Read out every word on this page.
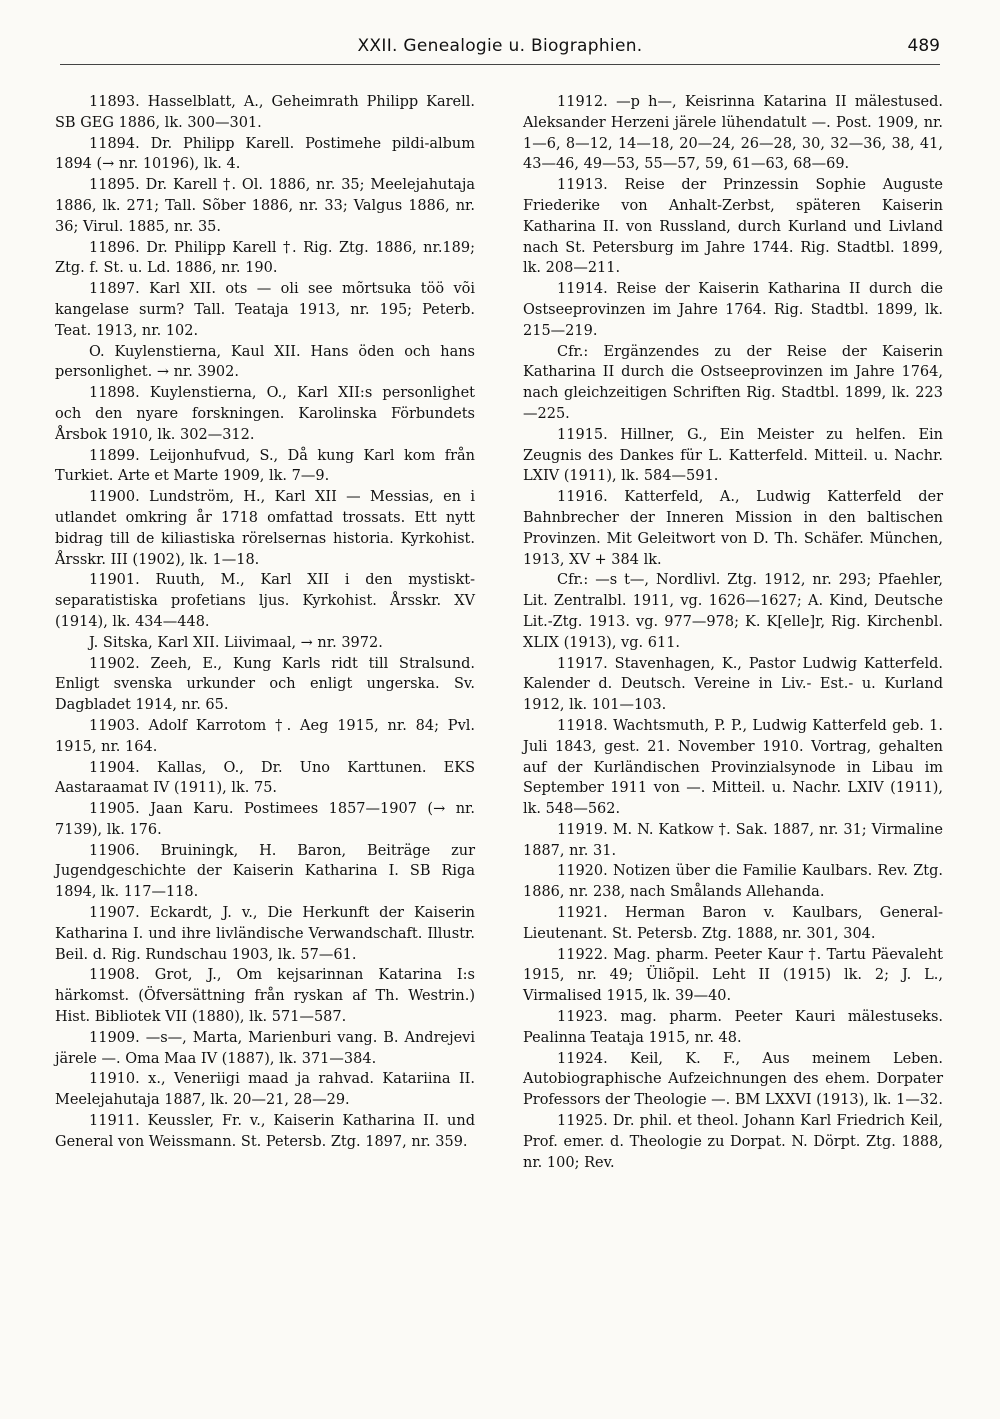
XXII. Genealogie u. Biographien.	489

11893. Hasselblatt, A., Geheimrath Philipp Karell. SB GEG 1886, lk. 300—301.

11894. Dr. Philipp Karell. Postimehe pildi-album 1894 (→ nr. 10196), lk. 4.

11895. Dr. Karell †. Ol. 1886, nr. 35; Meelejahutaja 1886, lk. 271; Tall. Sõber 1886, nr. 33; Valgus 1886, nr. 36; Virul. 1885, nr. 35.

11896. Dr. Philipp Karell †. Rig. Ztg. 1886, nr.189; Ztg. f. St. u. Ld. 1886, nr. 190.

11897. Karl XII. ots — oli see mõrtsuka töö või kangelase surm? Tall. Teataja 1913, nr. 195; Peterb. Teat. 1913, nr. 102.

O. Kuylenstierna, Kaul XII. Hans öden och hans personlighet. → nr. 3902.

11898. Kuylenstierna, O., Karl XII:s personlighet och den nyare forskningen. Karolinska Förbundets Årsbok 1910, lk. 302—312.

11899. Leijonhufvud, S., Då kung Karl kom från Turkiet. Arte et Marte 1909, lk. 7—9.

11900. Lundström, H., Karl XII — Messias, en i utlandet omkring år 1718 omfattad trossats. Ett nytt bidrag till de kiliastiska rörelsernas historia. Kyrkohist. Årsskr. III (1902), lk. 1—18.

11901. Ruuth, M., Karl XII i den mystiskt-separatistiska profetians ljus. Kyrkohist. Årsskr. XV (1914), lk. 434—448.

J. Sitska, Karl XII. Liivimaal, → nr. 3972.

11902. Zeeh, E., Kung Karls ridt till Stralsund. Enligt svenska urkunder och enligt ungerska. Sv. Dagbladet 1914, nr. 65.

11903. Adolf Karrotom †. Aeg 1915, nr. 84; Pvl. 1915, nr. 164.

11904. Kallas, O., Dr. Uno Karttunen. EKS Aastaraamat IV (1911), lk. 75.

11905. Jaan Karu. Postimees 1857—1907 (→ nr. 7139), lk. 176.

11906. Bruiningk, H. Baron, Beiträge zur Jugendgeschichte der Kaiserin Katharina I. SB Riga 1894, lk. 117—118.

11907. Eckardt, J. v., Die Herkunft der Kaiserin Katharina I. und ihre livländische Verwandschaft. Illustr. Beil. d. Rig. Rundschau 1903, lk. 57—61.

11908. Grot, J., Om kejsarinnan Katarina I:s härkomst. (Öfversättning från ryskan af Th. Westrin.) Hist. Bibliotek VII (1880), lk. 571—587.

11909. —s—, Marta, Marienburi vang. B. Andrejevi järele —. Oma Maa IV (1887), lk. 371—384.

11910. x., Veneriigi maad ja rahvad. Katariina II. Meelejahutaja 1887, lk. 20—21, 28—29.

11911. Keussler, Fr. v., Kaiserin Katharina II. und General von Weissmann. St. Petersb. Ztg. 1897, nr. 359.

11912. —p h—, Keisrinna Katarina II mälestused. Aleksander Herzeni järele lühendatult —. Post. 1909, nr. 1—6, 8—12, 14—18, 20—24, 26—28, 30, 32—36, 38, 41, 43—46, 49—53, 55—57, 59, 61—63, 68—69.

11913. Reise der Prinzessin Sophie Auguste Friederike von Anhalt-Zerbst, späteren Kaiserin Katharina II. von Russland, durch Kurland und Livland nach St. Petersburg im Jahre 1744. Rig. Stadtbl. 1899, lk. 208—211.

11914. Reise der Kaiserin Katharina II durch die Ostseeprovinzen im Jahre 1764. Rig. Stadtbl. 1899, lk. 215—219.

Cfr.: Ergänzendes zu der Reise der Kaiserin Katharina II durch die Ostseeprovinzen im Jahre 1764, nach gleichzeitigen Schriften Rig. Stadtbl. 1899, lk. 223—225.

11915. Hillner, G., Ein Meister zu helfen. Ein Zeugnis des Dankes für L. Katterfeld. Mitteil. u. Nachr. LXIV (1911), lk. 584—591.

11916. Katterfeld, A., Ludwig Katterfeld der Bahnbrecher der Inneren Mission in den baltischen Provinzen. Mit Geleitwort von D. Th. Schäfer. München, 1913, XV + 384 lk.

Cfr.: —s t—, Nordlivl. Ztg. 1912, nr. 293; Pfaehler, Lit. Zentralbl. 1911, vg. 1626—1627; A. Kind, Deutsche Lit.-Ztg. 1913. vg. 977—978; K. K[elle]r, Rig. Kirchenbl. XLIX (1913), vg. 611.

11917. Stavenhagen, K., Pastor Ludwig Katterfeld. Kalender d. Deutsch. Vereine in Liv.- Est.- u. Kurland 1912, lk. 101—103.

11918. Wachtsmuth, P. P., Ludwig Katterfeld geb. 1. Juli 1843, gest. 21. November 1910. Vortrag, gehalten auf der Kurländischen Provinzialsynode in Libau im September 1911 von —. Mitteil. u. Nachr. LXIV (1911), lk. 548—562.

11919. M. N. Katkow †. Sak. 1887, nr. 31; Virmaline 1887, nr. 31.

11920. Notizen über die Familie Kaulbars. Rev. Ztg. 1886, nr. 238, nach Smålands Allehanda.

11921. Herman Baron v. Kaulbars, General-Lieutenant. St. Petersb. Ztg. 1888, nr. 301, 304.

11922. Mag. pharm. Peeter Kaur †. Tartu Päevaleht 1915, nr. 49; Üliõpil. Leht II (1915) lk. 2; J. L., Virmalised 1915, lk. 39—40.

11923. mag. pharm. Peeter Kauri mälestuseks. Pealinna Teataja 1915, nr. 48.

11924. Keil, K. F., Aus meinem Leben. Autobiographische Aufzeichnungen des ehem. Dorpater Professors der Theologie —. BM LXXVI (1913), lk. 1—32.

11925. Dr. phil. et theol. Johann Karl Friedrich Keil, Prof. emer. d. Theologie zu Dorpat. N. Dörpt. Ztg. 1888, nr. 100; Rev.
